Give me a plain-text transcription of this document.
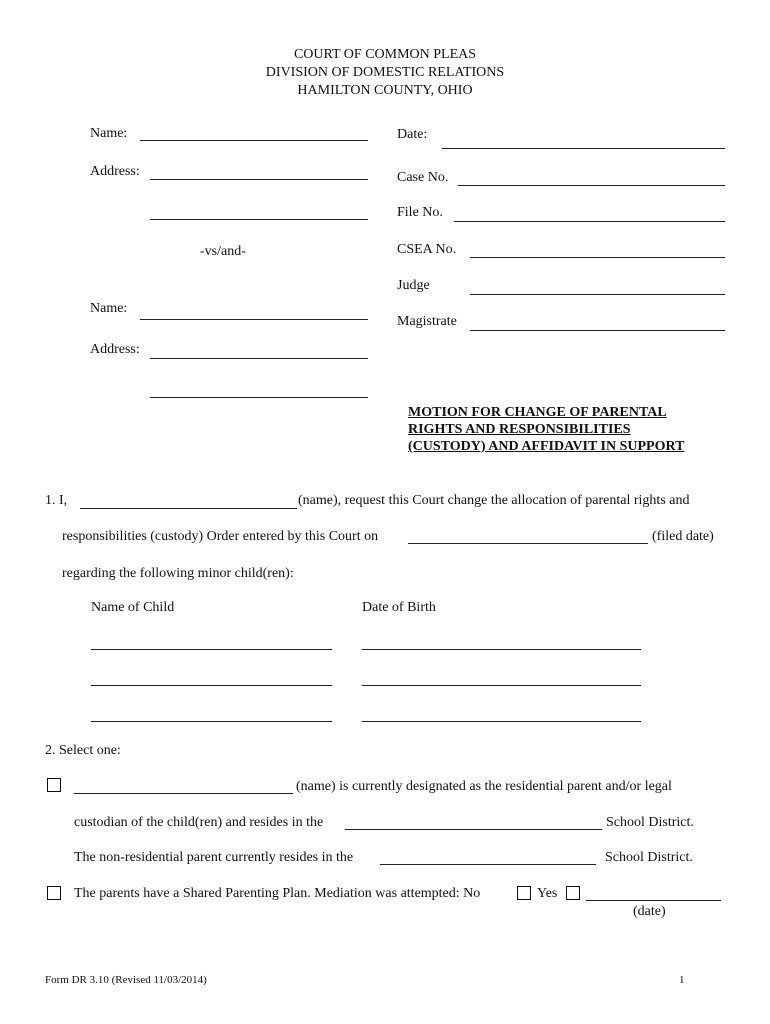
COURT OF COMMON PLEAS
DIVISION OF DOMESTIC RELATIONS
HAMILTON COUNTY, OHIO
Name:
Address:
-vs/and-
Name:
Address:
Date:
Case No.
File No.
CSEA No.
Judge
Magistrate
MOTION FOR CHANGE OF PARENTAL
RIGHTS AND RESPONSIBILITIES
(CUSTODY) AND AFFIDAVIT IN SUPPORT
1. I,	(name), request this Court change the allocation of parental rights and
responsibilities (custody) Order entered by this Court on	(filed date)
regarding the following minor child(ren):
Name of Child	Date of Birth
2. Select one:
(name) is currently designated as the residential parent and/or legal
custodian of the child(ren) and resides in the	School District.
The non-residential parent currently resides in the	School District.
The parents have a Shared Parenting Plan. Mediation was attempted: No	Yes
(date)
Form DR 3.10 (Revised 11/03/2014)	1
